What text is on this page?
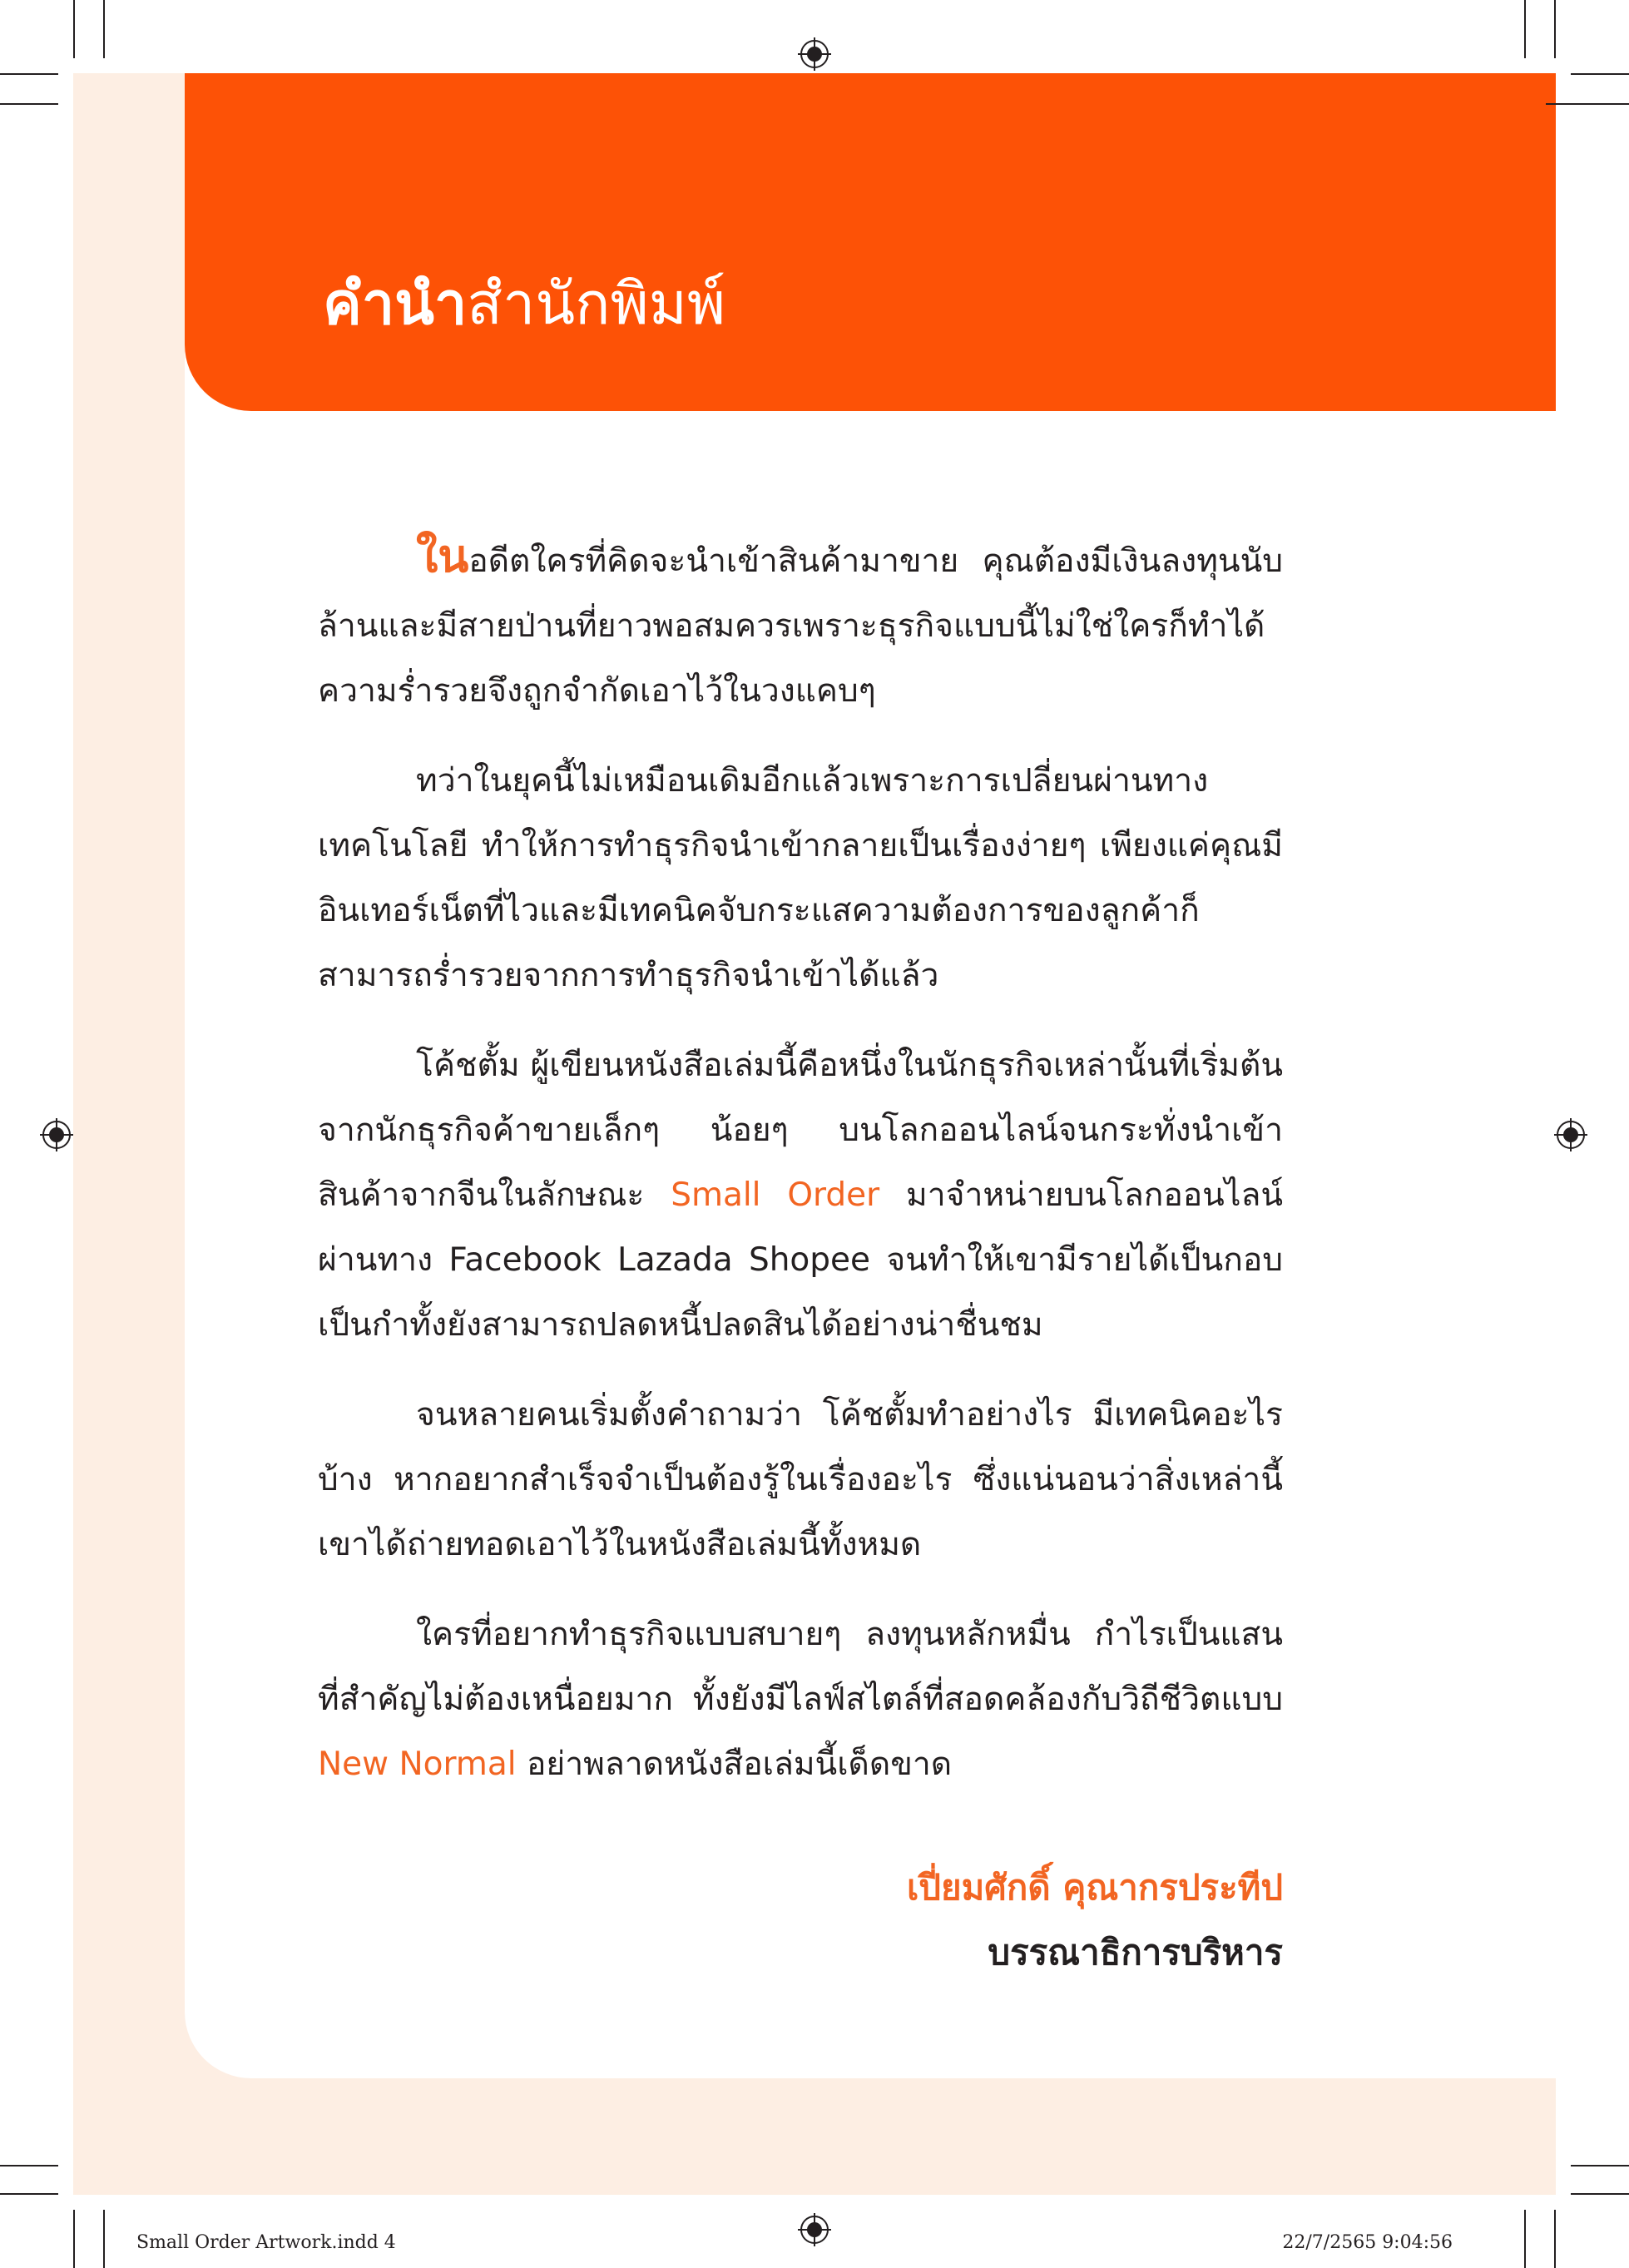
คำนำสำนักพิมพ์

ในอดีตใครที่คิดจะนำเข้าสินค้ามาขาย คุณต้องมีเงินลงทุนนับล้านและมีสายป่านที่ยาวพอสมควรเพราะธุรกิจแบบนี้ไม่ใช่ใครก็ทำได้ ความร่ำรวยจึงถูกจำกัดเอาไว้ในวงแคบๆ

ทว่าในยุคนี้ไม่เหมือนเดิมอีกแล้วเพราะการเปลี่ยนผ่านทางเทคโนโลยี ทำให้การทำธุรกิจนำเข้ากลายเป็นเรื่องง่ายๆ เพียงแค่คุณมีอินเทอร์เน็ตที่ไวและมีเทคนิคจับกระแสความต้องการของลูกค้าก็สามารถร่ำรวยจากการทำธุรกิจนำเข้าได้แล้ว

โค้ชตั้ม ผู้เขียนหนังสือเล่มนี้คือหนึ่งในนักธุรกิจเหล่านั้นที่เริ่มต้นจากนักธุรกิจค้าขายเล็กๆ น้อยๆ บนโลกออนไลน์จนกระทั่งนำเข้าสินค้าจากจีนในลักษณะ Small Order มาจำหน่ายบนโลกออนไลน์ผ่านทาง Facebook Lazada Shopee จนทำให้เขามีรายได้เป็นกอบเป็นกำทั้งยังสามารถปลดหนี้ปลดสินได้อย่างน่าชื่นชม

จนหลายคนเริ่มตั้งคำถามว่า โค้ชตั้มทำอย่างไร มีเทคนิคอะไรบ้าง หากอยากสำเร็จจำเป็นต้องรู้ในเรื่องอะไร ซึ่งแน่นอนว่าสิ่งเหล่านี้เขาได้ถ่ายทอดเอาไว้ในหนังสือเล่มนี้ทั้งหมด

ใครที่อยากทำธุรกิจแบบสบายๆ ลงทุนหลักหมื่น กำไรเป็นแสน ที่สำคัญไม่ต้องเหนื่อยมาก ทั้งยังมีไลฟ์สไตล์ที่สอดคล้องกับวิถีชีวิตแบบ New Normal อย่าพลาดหนังสือเล่มนี้เด็ดขาด

เปี่ยมศักดิ์ คุณากรประทีป
บรรณาธิการบริหาร
Small Order Artwork.indd 4	22/7/2565 9:04:56
